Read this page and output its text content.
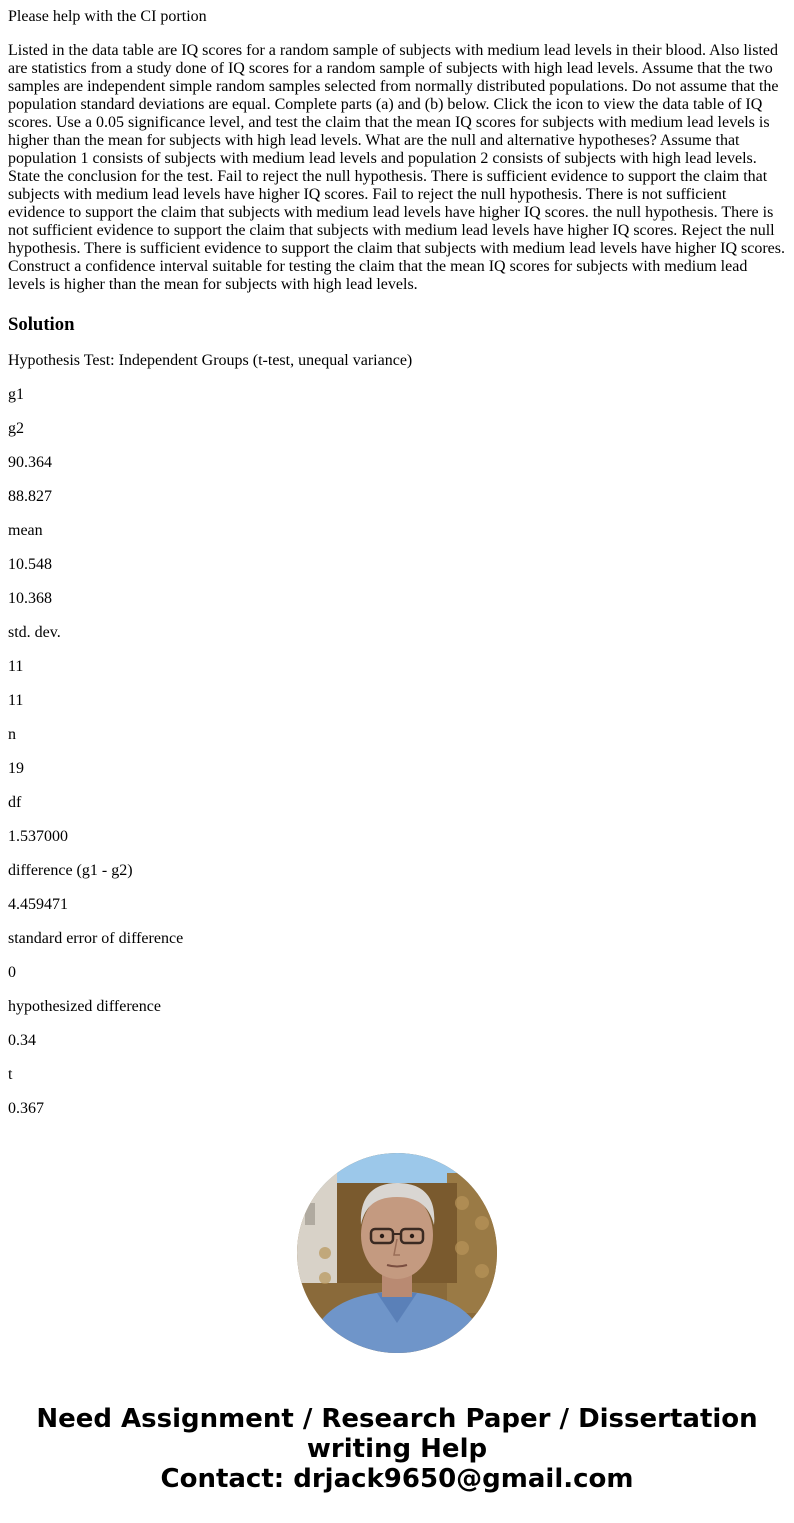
Please help with the CI portion

Listed in the data table are IQ scores for a random sample of subjects with medium lead levels in their blood. Also listed are statistics from a study done of IQ scores for a random sample of subjects with high lead levels. Assume that the two samples are independent simple random samples selected from normally distributed populations. Do not assume that the population standard deviations are equal. Complete parts (a) and (b) below. Click the icon to view the data table of IQ scores. Use a 0.05 significance level, and test the claim that the mean IQ scores for subjects with medium lead levels is higher than the mean for subjects with high lead levels. What are the null and alternative hypotheses? Assume that population 1 consists of subjects with medium lead levels and population 2 consists of subjects with high lead levels. State the conclusion for the test. Fail to reject the null hypothesis. There is sufficient evidence to support the claim that subjects with medium lead levels have higher IQ scores. Fail to reject the null hypothesis. There is not sufficient evidence to support the claim that subjects with medium lead levels have higher IQ scores. the null hypothesis. There is not sufficient evidence to support the claim that subjects with medium lead levels have higher IQ scores. Reject the null hypothesis. There is sufficient evidence to support the claim that subjects with medium lead levels have higher IQ scores. Construct a confidence interval suitable for testing the claim that the mean IQ scores for subjects with medium lead levels is higher than the mean for subjects with high lead levels.

Solution

Hypothesis Test: Independent Groups (t-test, unequal variance)

g1

g2

90.364

88.827

mean

10.548

10.368

std. dev.

11

11

n

19

df

1.537000

difference (g1 - g2)

4.459471

standard error of difference

0

hypothesized difference

0.34

t

0.367

Need Assignment / Research Paper / Dissertation
writing Help
Contact: drjack9650@gmail.com
